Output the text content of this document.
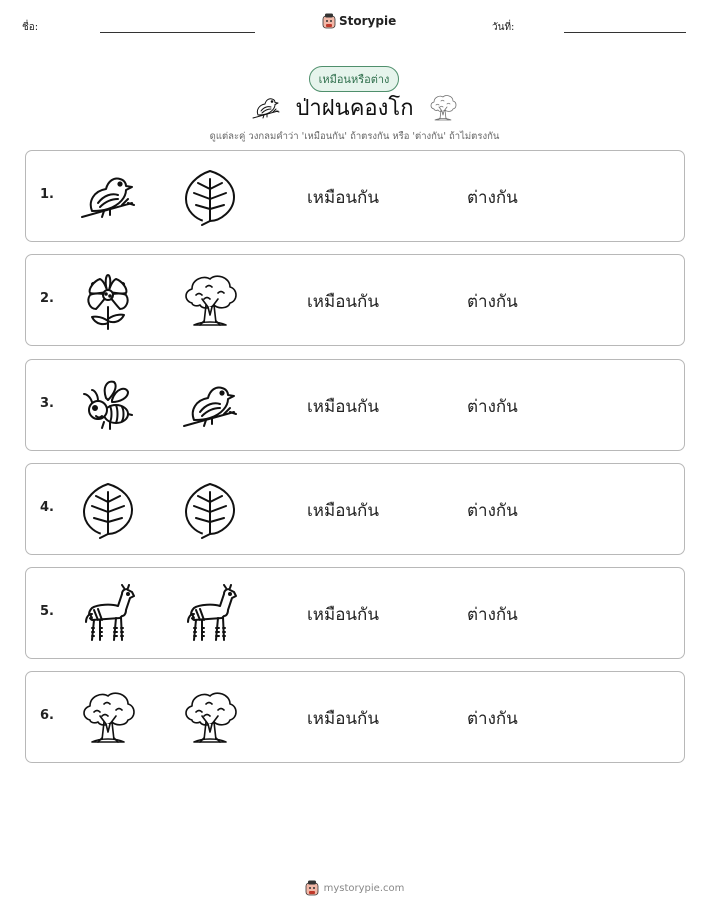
ชื่อ:	Storypie	วันที่:
เหมือนหรือต่าง
ป่าฝนคองโก
ดูแต่ละคู่ วงกลมคำว่า 'เหมือนกัน' ถ้าตรงกัน หรือ 'ต่างกัน' ถ้าไม่ตรงกัน
1.	เหมือนกัน	ต่างกัน
2.	เหมือนกัน	ต่างกัน
3.	เหมือนกัน	ต่างกัน
4.	เหมือนกัน	ต่างกัน
5.	เหมือนกัน	ต่างกัน
6.	เหมือนกัน	ต่างกัน
mystorypie.com
